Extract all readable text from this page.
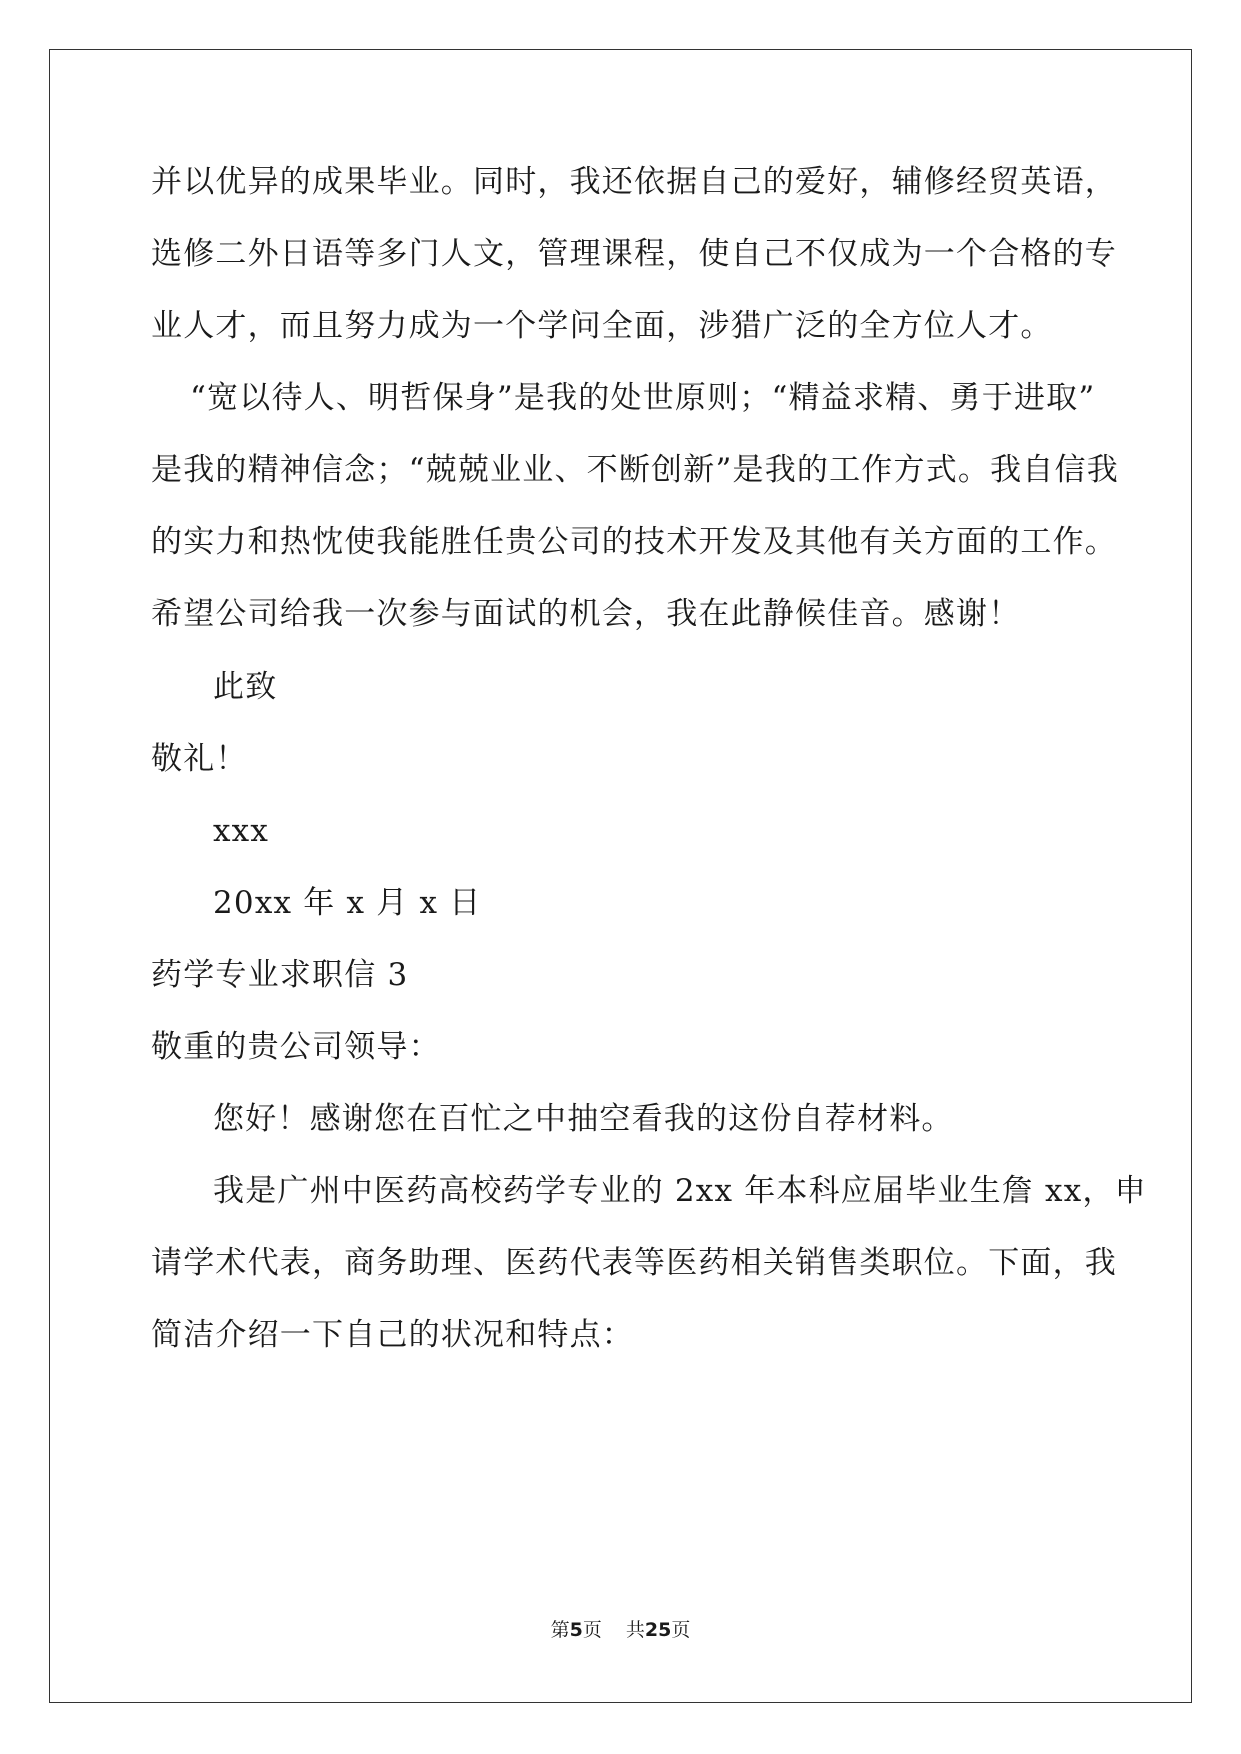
并以优异的成果毕业。同时，我还依据自己的爱好，辅修经贸英语，
选修二外日语等多门人文，管理课程，使自己不仅成为一个合格的专
业人才，而且努力成为一个学问全面，涉猎广泛的全方位人才。
“宽以待人、明哲保身”是我的处世原则；“精益求精、勇于进取”
是我的精神信念；“兢兢业业、不断创新”是我的工作方式。我自信我
的实力和热忱使我能胜任贵公司的技术开发及其他有关方面的工作。
希望公司给我一次参与面试的机会，我在此静候佳音。感谢！
此致
敬礼！
xxx
20xx 年 x 月 x 日
药学专业求职信 3
敬重的贵公司领导：
您好！感谢您在百忙之中抽空看我的这份自荐材料。
我是广州中医药高校药学专业的 2xx 年本科应届毕业生詹 xx，申
请学术代表，商务助理、医药代表等医药相关销售类职位。下面，我
简洁介绍一下自己的状况和特点：
第5页 共25页
